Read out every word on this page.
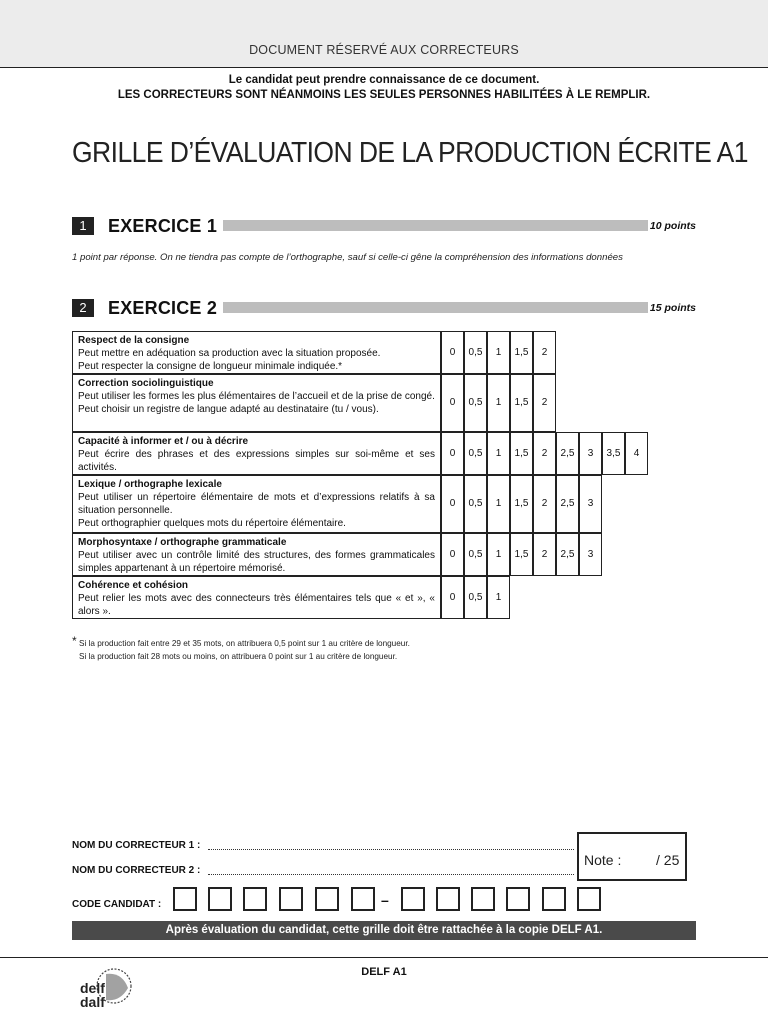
DOCUMENT RÉSERVÉ AUX CORRECTEURS
Le candidat peut prendre connaissance de ce document.
LES CORRECTEURS SONT NÉANMOINS LES SEULES PERSONNES HABILITÉES À LE REMPLIR.
GRILLE D’ÉVALUATION DE LA PRODUCTION ÉCRITE A1
1	EXERCICE 1	10 points
1 point par réponse. On ne tiendra pas compte de l’orthographe, sauf si celle-ci gêne la compréhension des informations données
2	EXERCICE 2	15 points
Respect de la consigne
Peut mettre en adéquation sa production avec la situation proposée.
Peut respecter la consigne de longueur minimale indiquée.*
0	0,5	1	1,5	2
Correction sociolinguistique
Peut utiliser les formes les plus élémentaires de l’accueil et de la prise de congé.
Peut choisir un registre de langue adapté au destinataire (tu / vous).
0	0,5	1	1,5	2
Capacité à informer et / ou à décrire
Peut écrire des phrases et des expressions simples sur soi-même et ses activités.
0	0,5	1	1,5	2	2,5	3	3,5	4
Lexique / orthographe lexicale
Peut utiliser un répertoire élémentaire de mots et d’expressions relatifs à sa situation personnelle.
Peut orthographier quelques mots du répertoire élémentaire.
0	0,5	1	1,5	2	2,5	3
Morphosyntaxe / orthographe grammaticale
Peut utiliser avec un contrôle limité des structures, des formes grammaticales simples appartenant à un répertoire mémorisé.
0	0,5	1	1,5	2	2,5	3
Cohérence et cohésion
Peut relier les mots avec des connecteurs très élémentaires tels que « et », « alors ».
0	0,5	1
* Si la production fait entre 29 et 35 mots, on attribuera 0,5 point sur 1 au critère de longueur.
Si la production fait 28 mots ou moins, on attribuera 0 point sur 1 au critère de longueur.
NOM DU CORRECTEUR 1 :
NOM DU CORRECTEUR 2 :
Note : / 25
CODE CANDIDAT :	–
Après évaluation du candidat, cette grille doit être rattachée à la copie DELF A1.
DELF A1
delf
dalf
